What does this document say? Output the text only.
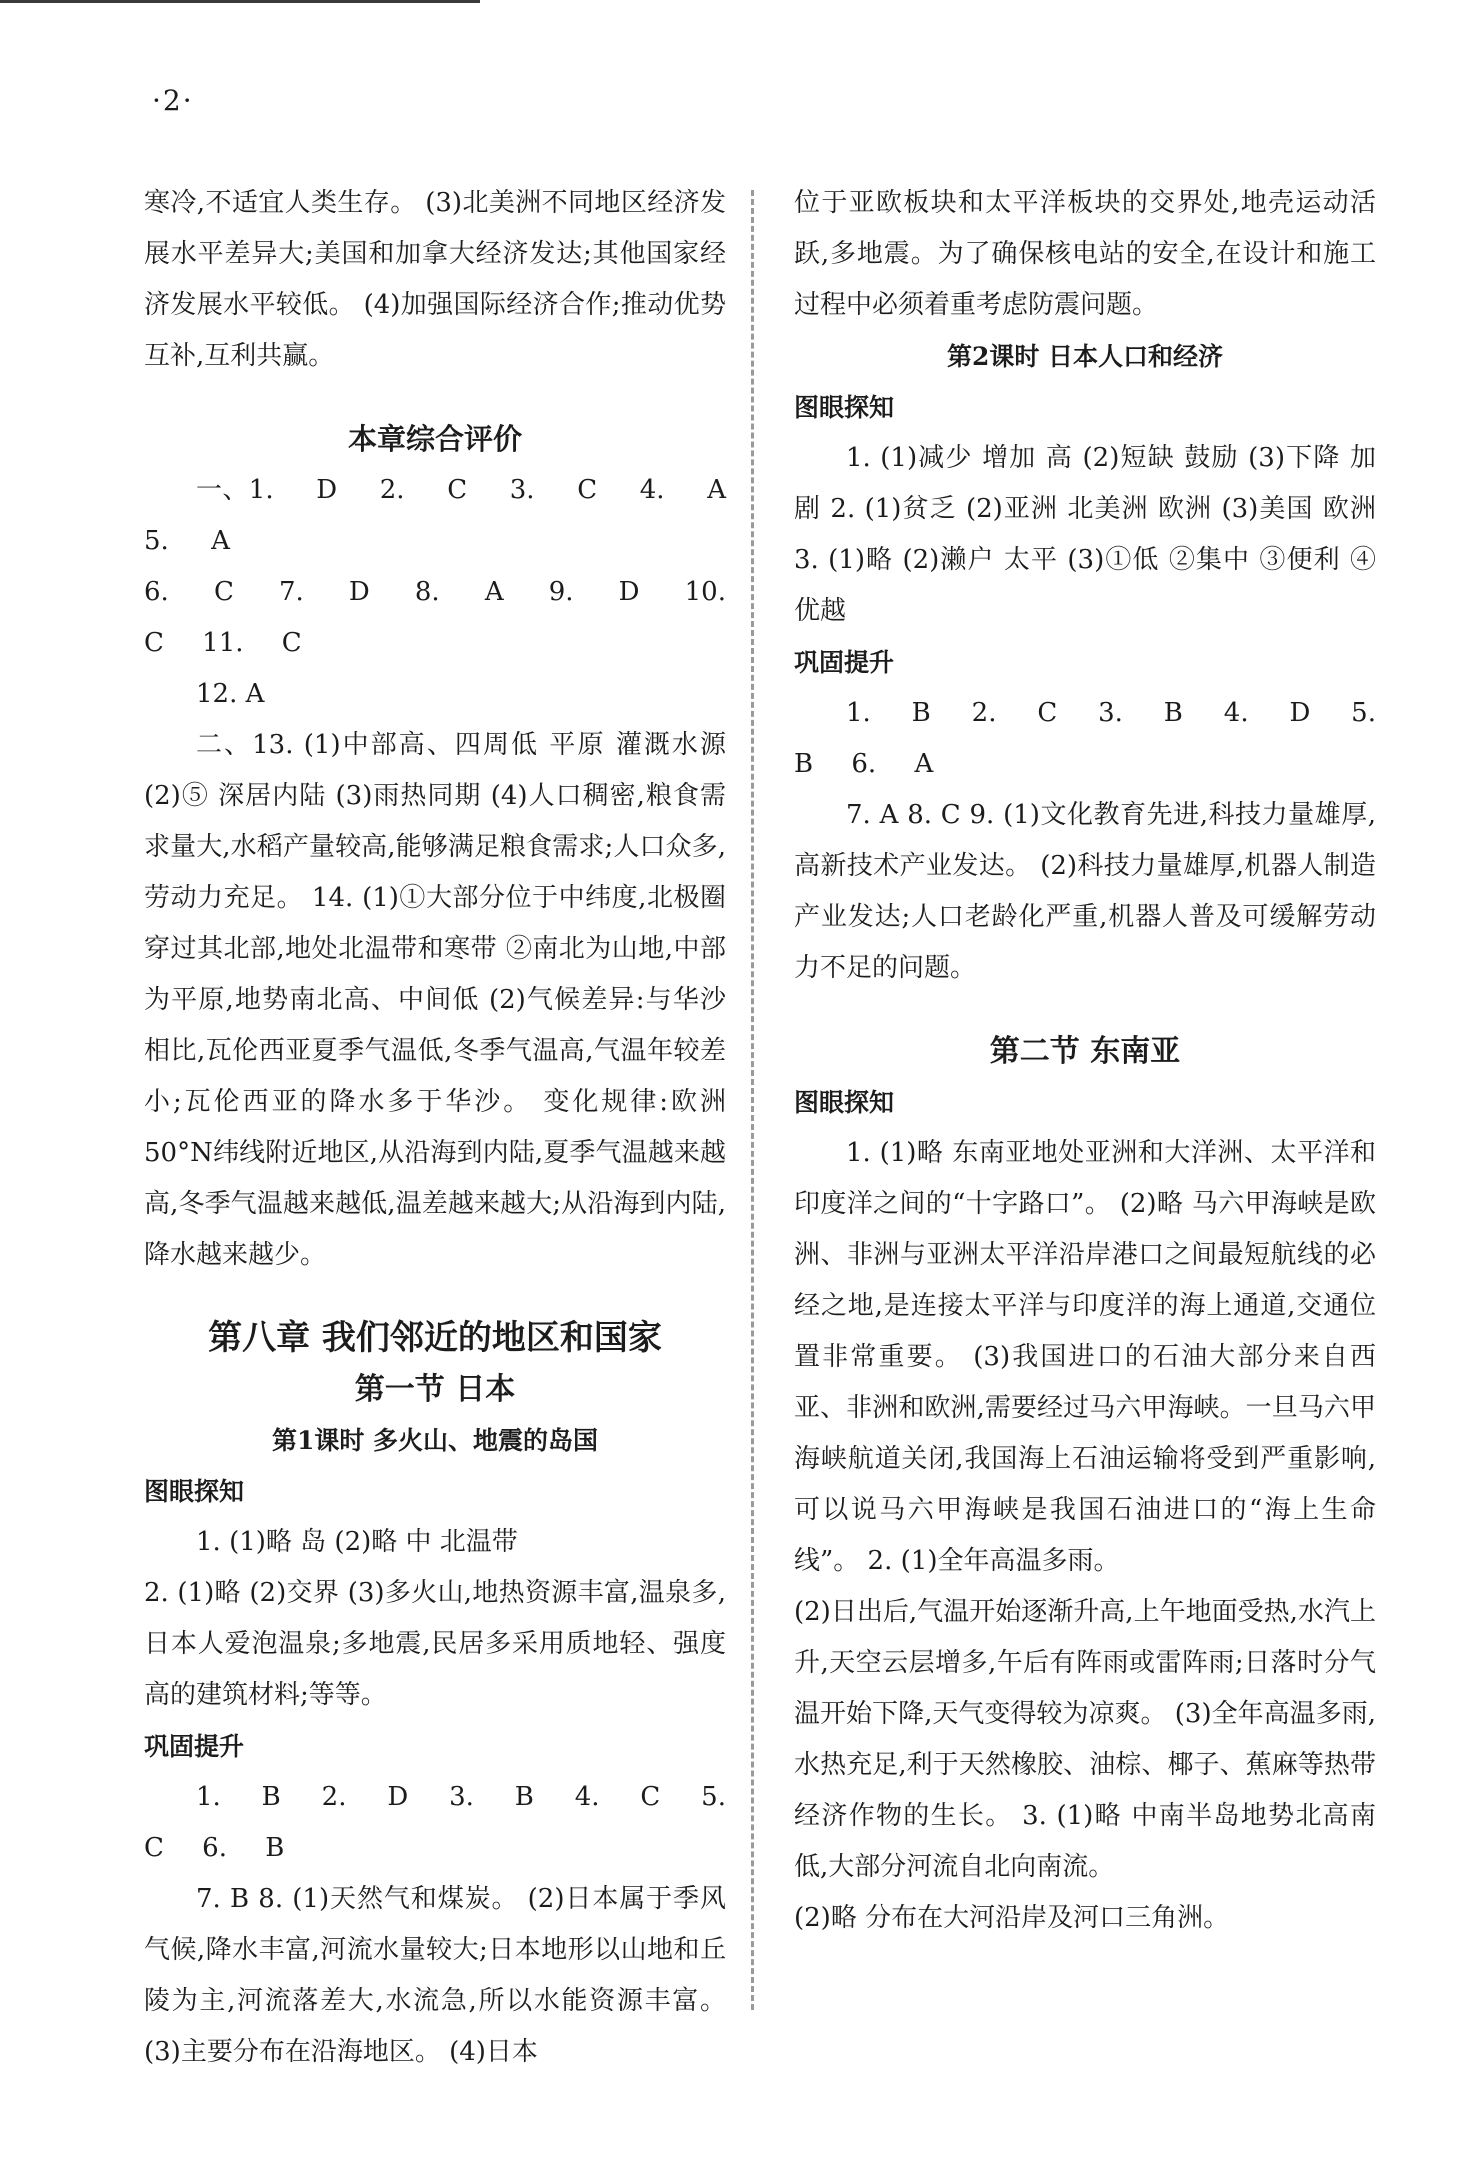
·2·

寒冷,不适宜人类生存。 (3)北美洲不同地区经济发展水平差异大;美国和加拿大经济发达;其他国家经济发展水平较低。 (4)加强国际经济合作;推动优势互补,互利共赢。

本章综合评价

一、1. D 2. C 3. C 4. A 5. A

6. C 7. D 8. A 9. D 10. C 11. C

12. A

二、13. (1)中部高、四周低 平原 灌溉水源 (2)⑤ 深居内陆 (3)雨热同期 (4)人口稠密,粮食需求量大,水稻产量较高,能够满足粮食需求;人口众多,劳动力充足。 14. (1)①大部分位于中纬度,北极圈穿过其北部,地处北温带和寒带 ②南北为山地,中部为平原,地势南北高、中间低 (2)气候差异:与华沙相比,瓦伦西亚夏季气温低,冬季气温高,气温年较差小;瓦伦西亚的降水多于华沙。 变化规律:欧洲50°N纬线附近地区,从沿海到内陆,夏季气温越来越高,冬季气温越来越低,温差越来越大;从沿海到内陆,降水越来越少。

第八章 我们邻近的地区和国家

第一节 日本

第1课时 多火山、地震的岛国

图眼探知

1. (1)略 岛 (2)略 中 北温带

2. (1)略 (2)交界 (3)多火山,地热资源丰富,温泉多,日本人爱泡温泉;多地震,民居多采用质地轻、强度高的建筑材料;等等。

巩固提升

1. B 2. D 3. B 4. C 5. C 6. B

7. B 8. (1)天然气和煤炭。 (2)日本属于季风气候,降水丰富,河流水量较大;日本地形以山地和丘陵为主,河流落差大,水流急,所以水能资源丰富。 (3)主要分布在沿海地区。 (4)日本

位于亚欧板块和太平洋板块的交界处,地壳运动活跃,多地震。为了确保核电站的安全,在设计和施工过程中必须着重考虑防震问题。

第2课时 日本人口和经济

图眼探知

1. (1)减少 增加 高 (2)短缺 鼓励 (3)下降 加剧 2. (1)贫乏 (2)亚洲 北美洲 欧洲 (3)美国 欧洲 3. (1)略 (2)濑户 太平 (3)①低 ②集中 ③便利 ④优越

巩固提升

1. B 2. C 3. B 4. D 5. B 6. A

7. A 8. C 9. (1)文化教育先进,科技力量雄厚,高新技术产业发达。 (2)科技力量雄厚,机器人制造产业发达;人口老龄化严重,机器人普及可缓解劳动力不足的问题。

第二节 东南亚

图眼探知

1. (1)略 东南亚地处亚洲和大洋洲、太平洋和印度洋之间的“十字路口”。 (2)略 马六甲海峡是欧洲、非洲与亚洲太平洋沿岸港口之间最短航线的必经之地,是连接太平洋与印度洋的海上通道,交通位置非常重要。 (3)我国进口的石油大部分来自西亚、非洲和欧洲,需要经过马六甲海峡。一旦马六甲海峡航道关闭,我国海上石油运输将受到严重影响,可以说马六甲海峡是我国石油进口的“海上生命线”。 2. (1)全年高温多雨。

(2)日出后,气温开始逐渐升高,上午地面受热,水汽上升,天空云层增多,午后有阵雨或雷阵雨;日落时分气温开始下降,天气变得较为凉爽。 (3)全年高温多雨,水热充足,利于天然橡胶、油棕、椰子、蕉麻等热带经济作物的生长。 3. (1)略 中南半岛地势北高南低,大部分河流自北向南流。

(2)略 分布在大河沿岸及河口三角洲。
